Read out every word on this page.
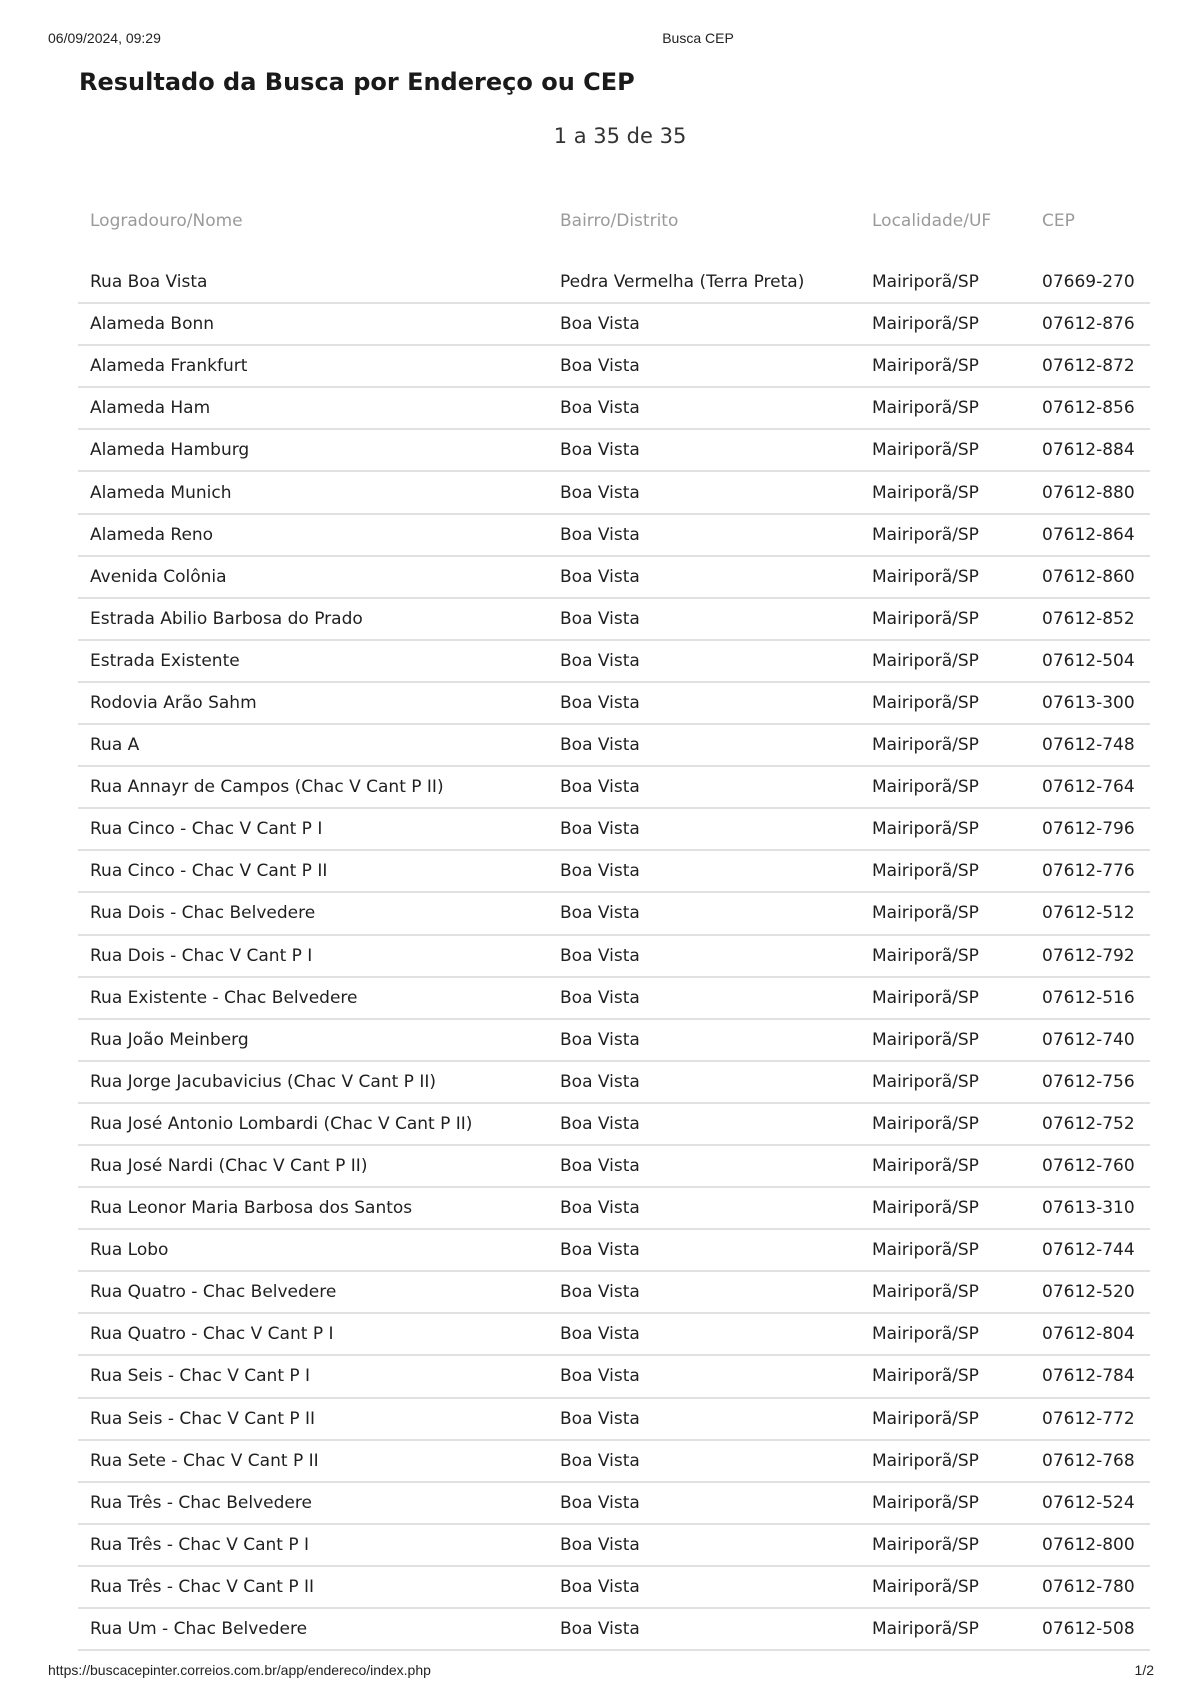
06/09/2024, 09:29	Busca CEP
Resultado da Busca por Endereço ou CEP
1 a 35 de 35
Logradouro/Nome	Bairro/Distrito	Localidade/UF	CEP

Rua Boa Vista	Pedra Vermelha (Terra Preta)	Mairiporã/SP	07669-270
Alameda Bonn	Boa Vista	Mairiporã/SP	07612-876
Alameda Frankfurt	Boa Vista	Mairiporã/SP	07612-872
Alameda Ham	Boa Vista	Mairiporã/SP	07612-856
Alameda Hamburg	Boa Vista	Mairiporã/SP	07612-884
Alameda Munich	Boa Vista	Mairiporã/SP	07612-880
Alameda Reno	Boa Vista	Mairiporã/SP	07612-864
Avenida Colônia	Boa Vista	Mairiporã/SP	07612-860
Estrada Abilio Barbosa do Prado	Boa Vista	Mairiporã/SP	07612-852
Estrada Existente	Boa Vista	Mairiporã/SP	07612-504
Rodovia Arão Sahm	Boa Vista	Mairiporã/SP	07613-300
Rua A	Boa Vista	Mairiporã/SP	07612-748
Rua Annayr de Campos (Chac V Cant P II)	Boa Vista	Mairiporã/SP	07612-764
Rua Cinco - Chac V Cant P I	Boa Vista	Mairiporã/SP	07612-796
Rua Cinco - Chac V Cant P II	Boa Vista	Mairiporã/SP	07612-776
Rua Dois - Chac Belvedere	Boa Vista	Mairiporã/SP	07612-512
Rua Dois - Chac V Cant P I	Boa Vista	Mairiporã/SP	07612-792
Rua Existente - Chac Belvedere	Boa Vista	Mairiporã/SP	07612-516
Rua João Meinberg	Boa Vista	Mairiporã/SP	07612-740
Rua Jorge Jacubavicius (Chac V Cant P II)	Boa Vista	Mairiporã/SP	07612-756
Rua José Antonio Lombardi (Chac V Cant P II)	Boa Vista	Mairiporã/SP	07612-752
Rua José Nardi (Chac V Cant P II)	Boa Vista	Mairiporã/SP	07612-760
Rua Leonor Maria Barbosa dos Santos	Boa Vista	Mairiporã/SP	07613-310
Rua Lobo	Boa Vista	Mairiporã/SP	07612-744
Rua Quatro - Chac Belvedere	Boa Vista	Mairiporã/SP	07612-520
Rua Quatro - Chac V Cant P I	Boa Vista	Mairiporã/SP	07612-804
Rua Seis - Chac V Cant P I	Boa Vista	Mairiporã/SP	07612-784
Rua Seis - Chac V Cant P II	Boa Vista	Mairiporã/SP	07612-772
Rua Sete - Chac V Cant P II	Boa Vista	Mairiporã/SP	07612-768
Rua Três - Chac Belvedere	Boa Vista	Mairiporã/SP	07612-524
Rua Três - Chac V Cant P I	Boa Vista	Mairiporã/SP	07612-800
Rua Três - Chac V Cant P II	Boa Vista	Mairiporã/SP	07612-780
Rua Um - Chac Belvedere	Boa Vista	Mairiporã/SP	07612-508
https://buscacepinter.correios.com.br/app/endereco/index.php	1/2
